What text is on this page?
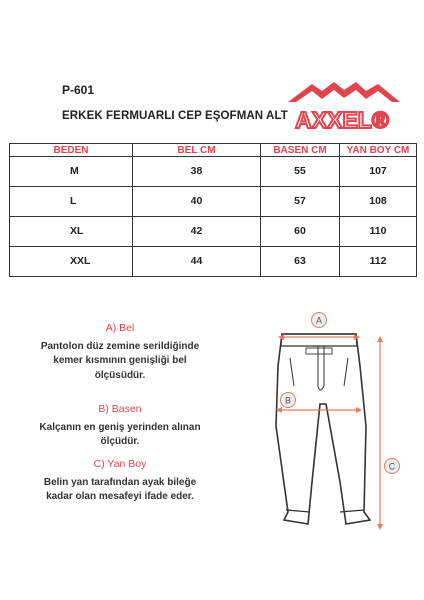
P-601
ERKEK FERMUARLI CEP EŞOFMAN ALT AXXEL®
BEDEN	BEL CM	BASEN CM	YAN BOY CM
M	38	55	107
L	40	57	108
XL	42	60	110
XXL	44	63	112
A) Bel
Pantolon düz zemine serildiğinde kemer kısmının genişliği bel ölçüsüdür.
B) Basen
Kalçanın en geniş yerinden alınan ölçüdür.
C) Yan Boy
Belin yan tarafından ayak bileğe kadar olan mesafeyi ifade eder.
A
B
C
